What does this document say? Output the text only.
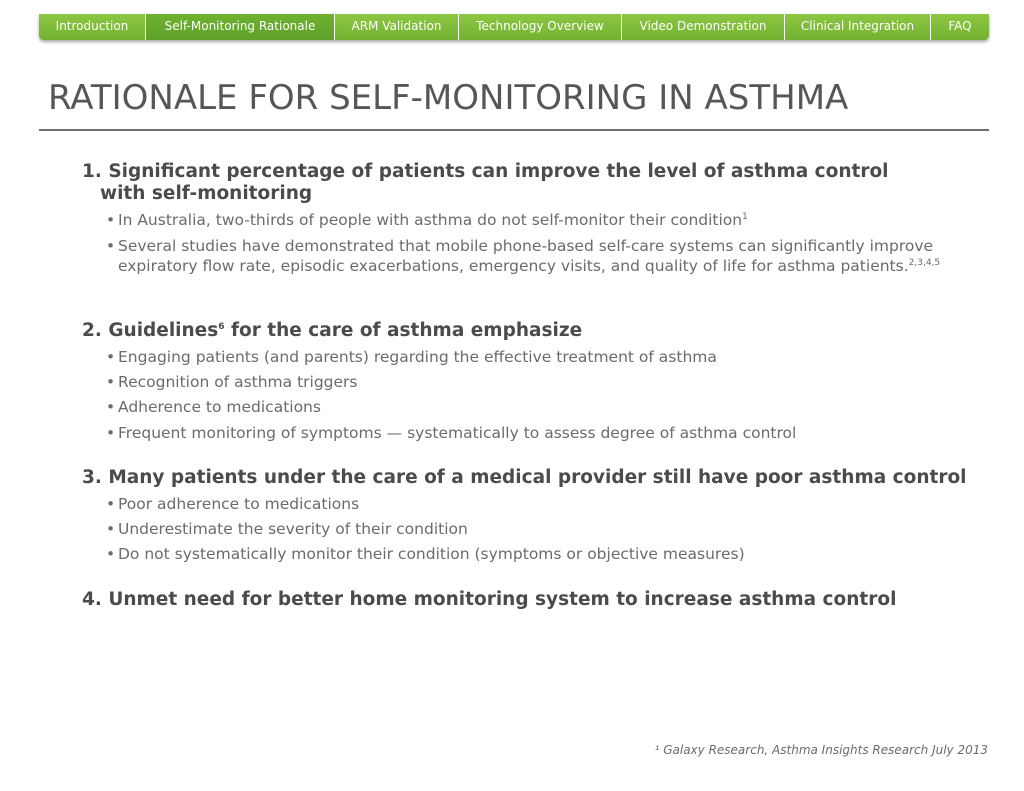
Introduction	Self-Monitoring Rationale	ARM Validation	Technology Overview	Video Demonstration	Clinical Integration	FAQ
RATIONALE FOR SELF-MONITORING IN ASTHMA
1. Significant percentage of patients can improve the level of asthma control
with self-monitoring
• In Australia, two-thirds of people with asthma do not self-monitor their condition$^1$
• Several studies have demonstrated that mobile phone-based self-care systems can significantly improve expiratory flow rate, episodic exacerbations, emergency visits, and quality of life for asthma patients.$^{2,3,4,5}$
2. Guidelines$^6$ for the care of asthma emphasize
• Engaging patients (and parents) regarding the effective treatment of asthma
• Recognition of asthma triggers
• Adherence to medications
• Frequent monitoring of symptoms — systematically to assess degree of asthma control
3. Many patients under the care of a medical provider still have poor asthma control
• Poor adherence to medications
• Underestimate the severity of their condition
• Do not systematically monitor their condition (symptoms or objective measures)
4. Unmet need for better home monitoring system to increase asthma control
¹ Galaxy Research, Asthma Insights Research July 2013
